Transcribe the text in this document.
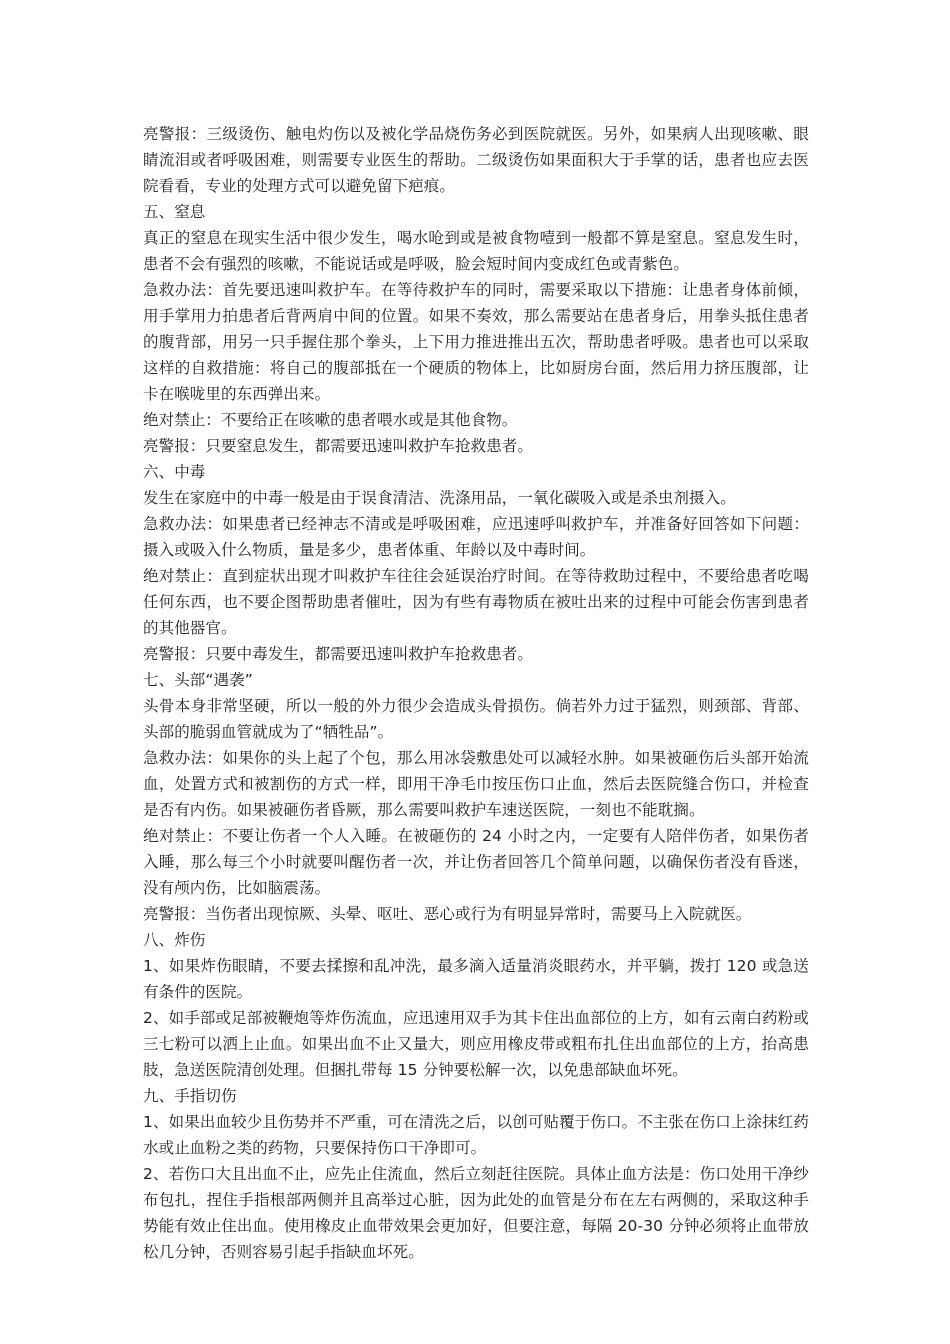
亮警报：三级烫伤、触电灼伤以及被化学品烧伤务必到医院就医。另外，如果病人出现咳嗽、眼睛流泪或者呼吸困难，则需要专业医生的帮助。二级烫伤如果面积大于手掌的话，患者也应去医院看看，专业的处理方式可以避免留下疤痕。

五、窒息

真正的窒息在现实生活中很少发生，喝水呛到或是被食物噎到一般都不算是窒息。窒息发生时，患者不会有强烈的咳嗽，不能说话或是呼吸，脸会短时间内变成红色或青紫色。

急救办法：首先要迅速叫救护车。在等待救护车的同时，需要采取以下措施：让患者身体前倾，用手掌用力拍患者后背两肩中间的位置。如果不奏效，那么需要站在患者身后，用拳头抵住患者的腹背部，用另一只手握住那个拳头，上下用力推进推出五次，帮助患者呼吸。患者也可以采取这样的自救措施：将自己的腹部抵在一个硬质的物体上，比如厨房台面，然后用力挤压腹部，让卡在喉咙里的东西弹出来。

绝对禁止：不要给正在咳嗽的患者喂水或是其他食物。

亮警报：只要窒息发生，都需要迅速叫救护车抢救患者。

六、中毒

发生在家庭中的中毒一般是由于误食清洁、洗涤用品，一氧化碳吸入或是杀虫剂摄入。

急救办法：如果患者已经神志不清或是呼吸困难，应迅速呼叫救护车，并准备好回答如下问题：摄入或吸入什么物质，量是多少，患者体重、年龄以及中毒时间。

绝对禁止：直到症状出现才叫救护车往往会延误治疗时间。在等待救助过程中，不要给患者吃喝任何东西，也不要企图帮助患者催吐，因为有些有毒物质在被吐出来的过程中可能会伤害到患者的其他器官。

亮警报：只要中毒发生，都需要迅速叫救护车抢救患者。

七、头部“遇袭”

头骨本身非常坚硬，所以一般的外力很少会造成头骨损伤。倘若外力过于猛烈，则颈部、背部、头部的脆弱血管就成为了“牺牲品”。

急救办法：如果你的头上起了个包，那么用冰袋敷患处可以减轻水肿。如果被砸伤后头部开始流血，处置方式和被割伤的方式一样，即用干净毛巾按压伤口止血，然后去医院缝合伤口，并检查是否有内伤。如果被砸伤者昏厥，那么需要叫救护车速送医院，一刻也不能耽搁。

绝对禁止：不要让伤者一个人入睡。在被砸伤的 24 小时之内，一定要有人陪伴伤者，如果伤者入睡，那么每三个小时就要叫醒伤者一次，并让伤者回答几个简单问题，以确保伤者没有昏迷，没有颅内伤，比如脑震荡。

亮警报：当伤者出现惊厥、头晕、呕吐、恶心或行为有明显异常时，需要马上入院就医。

八、炸伤

1、如果炸伤眼睛，不要去揉擦和乱冲洗，最多滴入适量消炎眼药水，并平躺，拨打 120 或急送有条件的医院。

2、如手部或足部被鞭炮等炸伤流血，应迅速用双手为其卡住出血部位的上方，如有云南白药粉或三七粉可以洒上止血。如果出血不止又量大，则应用橡皮带或粗布扎住出血部位的上方，抬高患肢，急送医院清创处理。但捆扎带每 15 分钟要松解一次，以免患部缺血坏死。

九、手指切伤

1、如果出血较少且伤势并不严重，可在清洗之后，以创可贴覆于伤口。不主张在伤口上涂抹红药水或止血粉之类的药物，只要保持伤口干净即可。

2、若伤口大且出血不止，应先止住流血，然后立刻赶往医院。具体止血方法是：伤口处用干净纱布包扎，捏住手指根部两侧并且高举过心脏，因为此处的血管是分布在左右两侧的，采取这种手势能有效止住出血。使用橡皮止血带效果会更加好，但要注意，每隔 20-30 分钟必须将止血带放松几分钟，否则容易引起手指缺血坏死。
